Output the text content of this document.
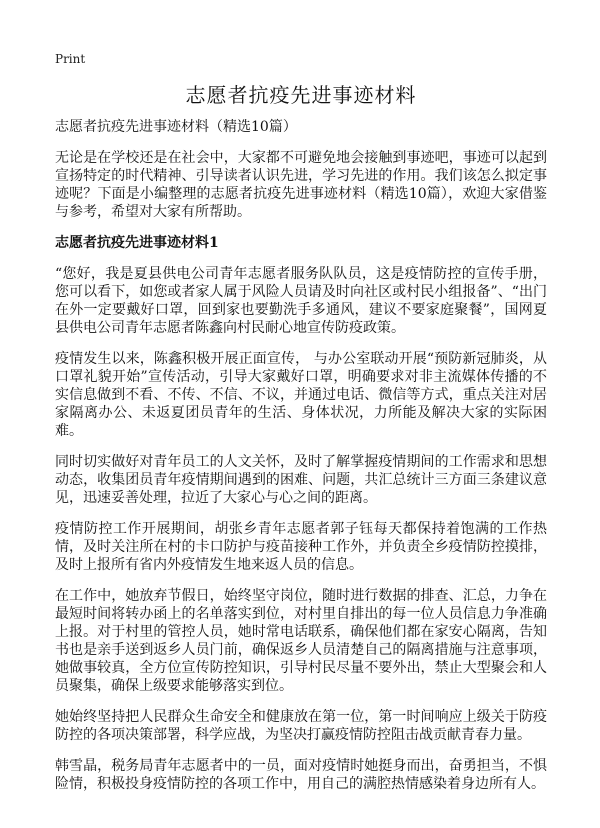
Print
志愿者抗疫先进事迹材料
志愿者抗疫先进事迹材料（精选10篇）

无论是在学校还是在社会中，大家都不可避免地会接触到事迹吧，事迹可以起到宣扬特定的时代精神、引导读者认识先进，学习先进的作用。我们该怎么拟定事迹呢？下面是小编整理的志愿者抗疫先进事迹材料（精选10篇），欢迎大家借鉴与参考，希望对大家有所帮助。

志愿者抗疫先进事迹材料1

“您好，我是夏县供电公司青年志愿者服务队队员，这是疫情防控的宣传手册，您可以看下，如您或者家人属于风险人员请及时向社区或村民小组报备”、“出门在外一定要戴好口罩，回到家也要勤洗手多通风，建议不要家庭聚餐”，国网夏县供电公司青年志愿者陈鑫向村民耐心地宣传防疫政策。

疫情发生以来，陈鑫积极开展正面宣传， 与办公室联动开展“预防新冠肺炎，从口罩礼貌开始”宣传活动，引导大家戴好口罩，明确要求对非主流媒体传播的不实信息做到不看、不传、不信、不议，并通过电话、微信等方式，重点关注对居家隔离办公、未返夏团员青年的生活、身体状况，力所能及解决大家的实际困难。

同时切实做好对青年员工的人文关怀，及时了解掌握疫情期间的工作需求和思想动态，收集团员青年疫情期间遇到的困难、问题，共汇总统计三方面三条建议意见，迅速妥善处理，拉近了大家心与心之间的距离。

疫情防控工作开展期间，胡张乡青年志愿者郭子钰每天都保持着饱满的工作热情，及时关注所在村的卡口防护与疫苗接种工作外，并负责全乡疫情防控摸排，及时上报所有省内外疫情发生地来返人员的信息。

在工作中，她放弃节假日，始终坚守岗位，随时进行数据的排查、汇总，力争在最短时间将转办函上的名单落实到位，对村里自排出的每一位人员信息力争准确上报。对于村里的管控人员，她时常电话联系，确保他们都在家安心隔离，告知书也是亲手送到返乡人员门前，确保返乡人员清楚自己的隔离措施与注意事项，她做事较真，全方位宣传防控知识，引导村民尽量不要外出，禁止大型聚会和人员聚集，确保上级要求能够落实到位。

她始终坚持把人民群众生命安全和健康放在第一位，第一时间响应上级关于防疫防控的各项决策部署，科学应战，为坚决打赢疫情防控阻击战贡献青春力量。

韩雪晶，税务局青年志愿者中的一员，面对疫情时她挺身而出，奋勇担当，不惧险情，积极投身疫情防控的各项工作中，用自己的满腔热情感染着身边所有人。
